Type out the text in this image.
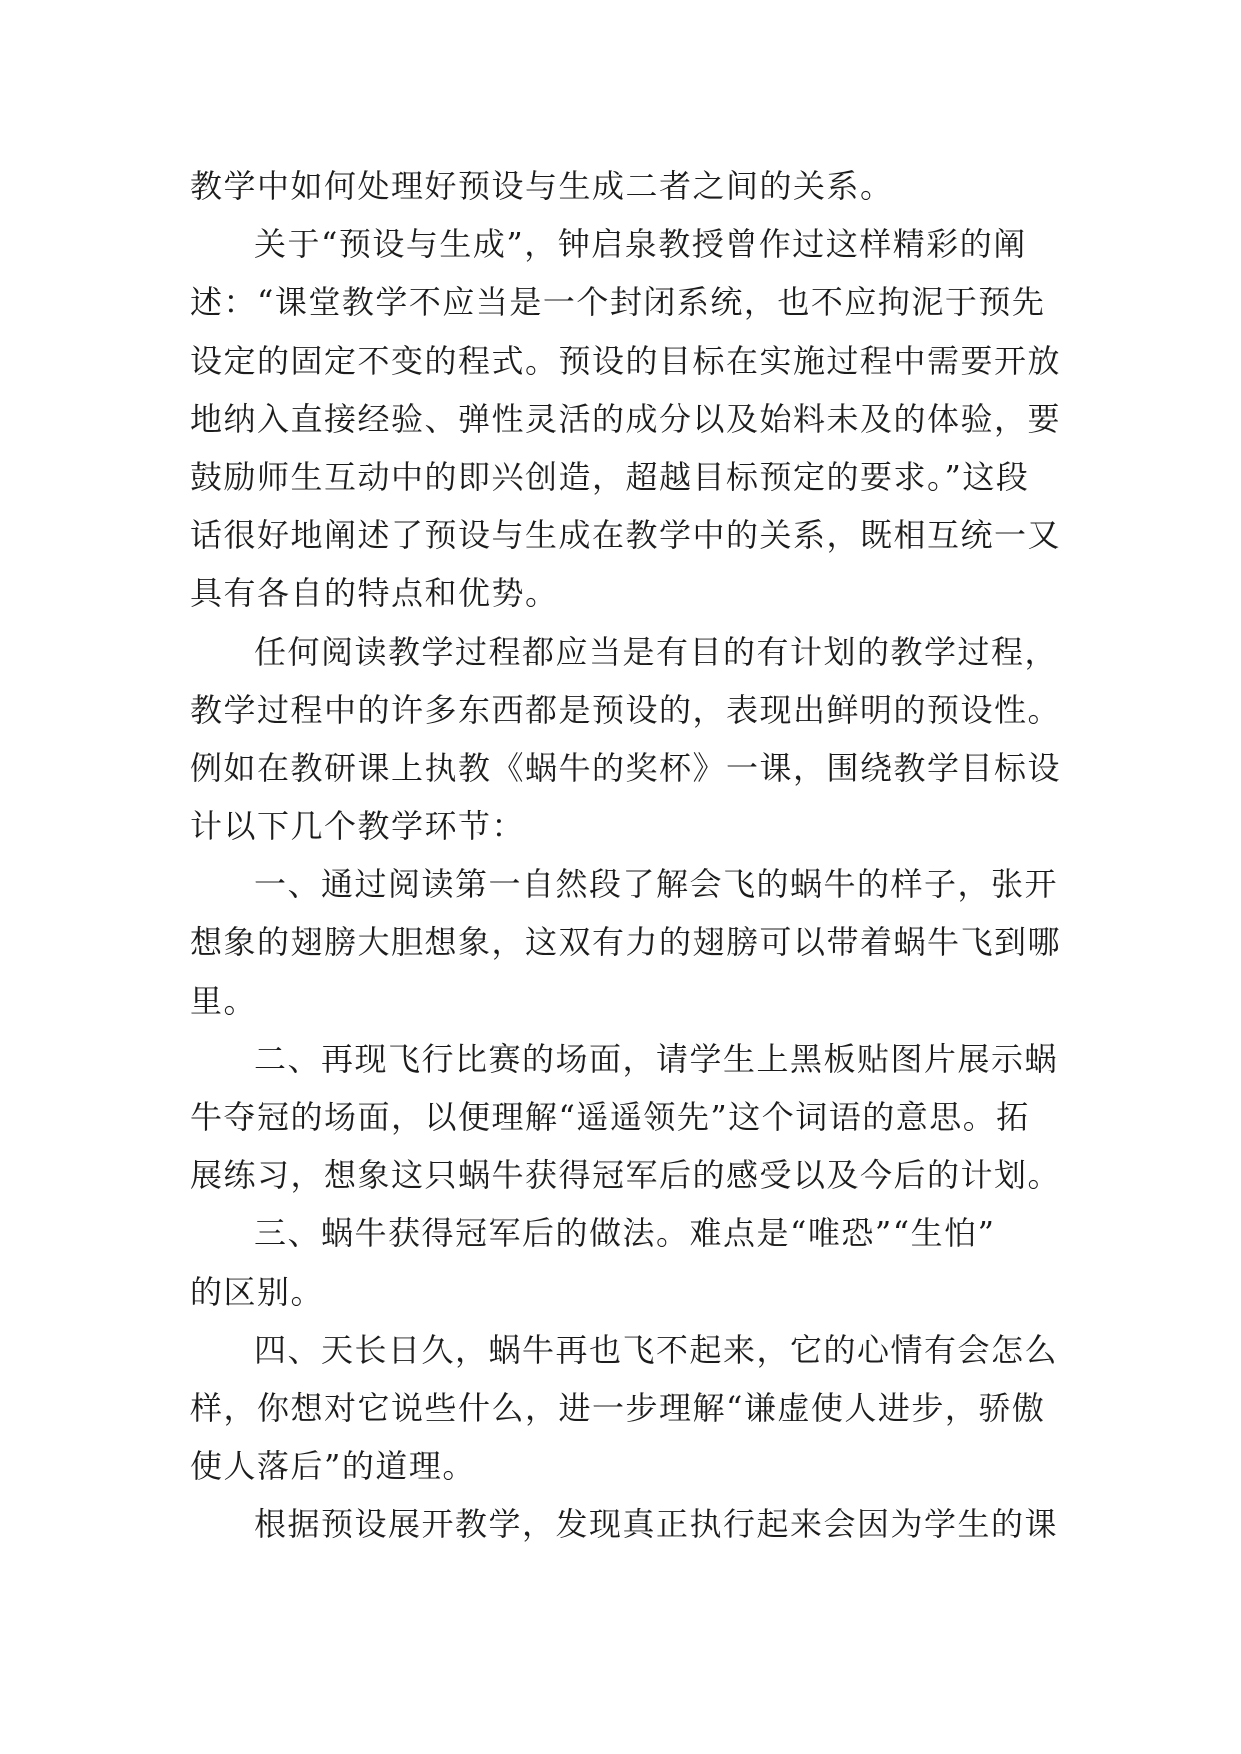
教学中如何处理好预设与生成二者之间的关系。
关于“预设与生成”，钟启泉教授曾作过这样精彩的阐
述：“课堂教学不应当是一个封闭系统，也不应拘泥于预先
设定的固定不变的程式。预设的目标在实施过程中需要开放
地纳入直接经验、弹性灵活的成分以及始料未及的体验，要
鼓励师生互动中的即兴创造，超越目标预定的要求。”这段
话很好地阐述了预设与生成在教学中的关系，既相互统一又
具有各自的特点和优势。
任何阅读教学过程都应当是有目的有计划的教学过程，
教学过程中的许多东西都是预设的，表现出鲜明的预设性。
例如在教研课上执教《蜗牛的奖杯》一课，围绕教学目标设
计以下几个教学环节：
一、通过阅读第一自然段了解会飞的蜗牛的样子，张开
想象的翅膀大胆想象，这双有力的翅膀可以带着蜗牛飞到哪
里。
二、再现飞行比赛的场面，请学生上黑板贴图片展示蜗
牛夺冠的场面，以便理解“遥遥领先”这个词语的意思。拓
展练习，想象这只蜗牛获得冠军后的感受以及今后的计划。
三、蜗牛获得冠军后的做法。难点是“唯恐”“生怕”
的区别。
四、天长日久，蜗牛再也飞不起来，它的心情有会怎么
样，你想对它说些什么，进一步理解“谦虚使人进步，骄傲
使人落后”的道理。
根据预设展开教学，发现真正执行起来会因为学生的课
